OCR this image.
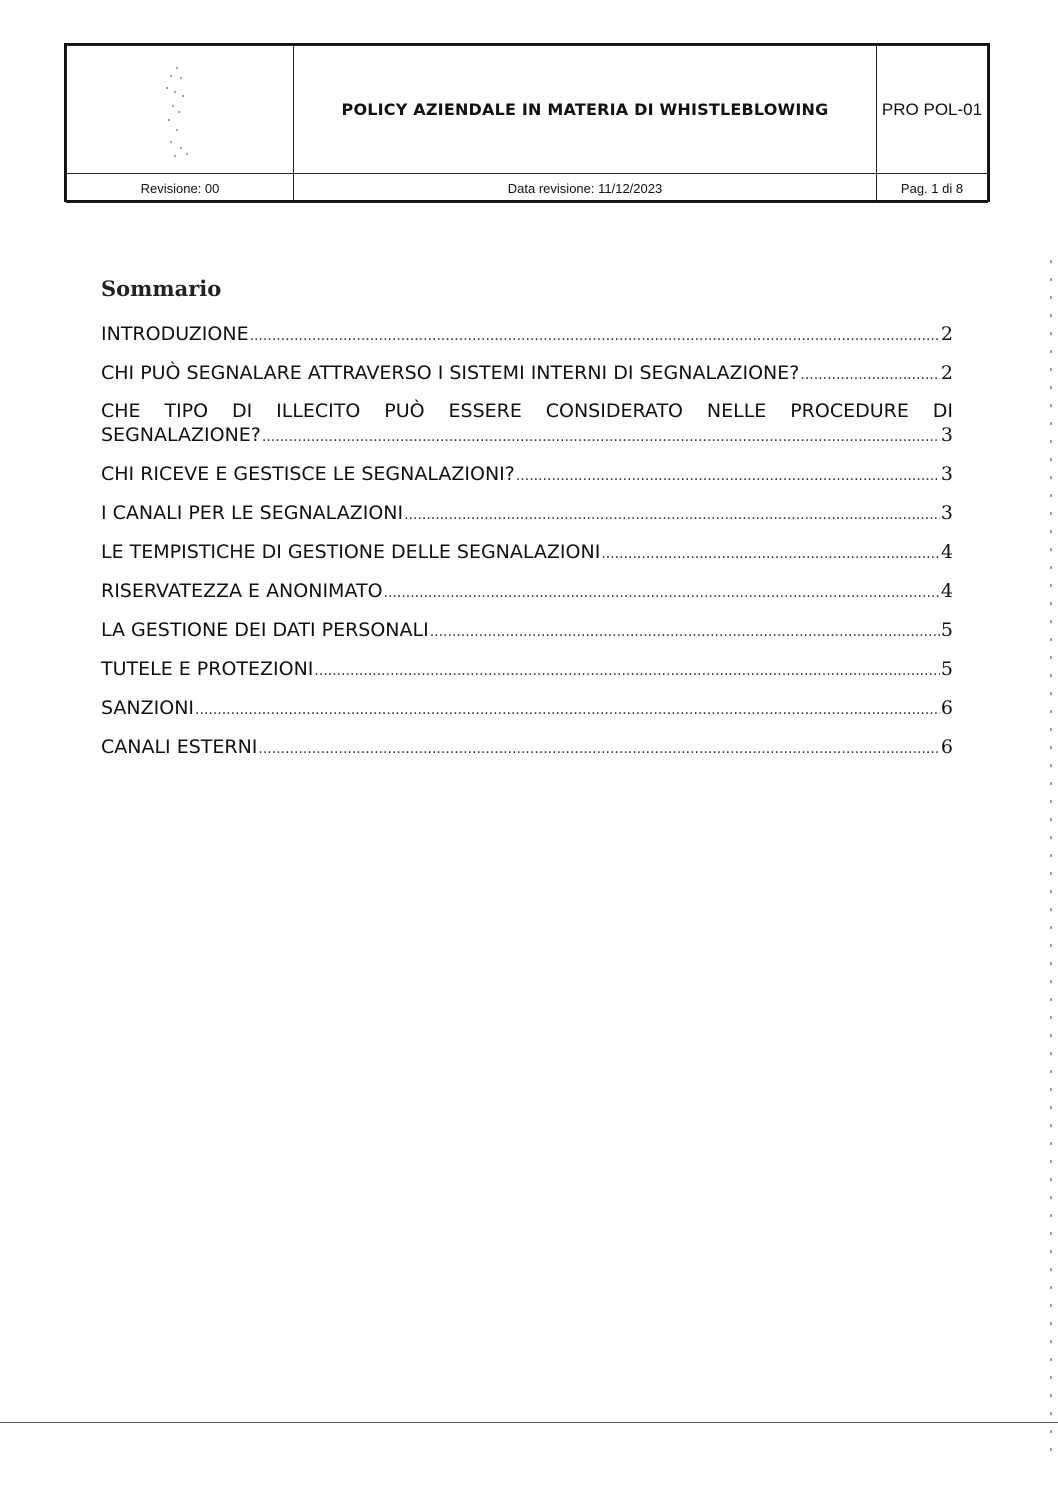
	POLICY AZIENDALE IN MATERIA DI WHISTLEBLOWING	PRO POL-01
Revisione: 00	Data revisione: 11/12/2023	Pag. 1 di 8
Sommario
INTRODUZIONE .....	2
CHI PUÒ SEGNALARE ATTRAVERSO I SISTEMI INTERNI DI SEGNALAZIONE? .....	2
CHE TIPO DI ILLECITO PUÒ ESSERE CONSIDERATO NELLE PROCEDURE DI
SEGNALAZIONE? .....	3
CHI RICEVE E GESTISCE LE SEGNALAZIONI? .....	3
I CANALI PER LE SEGNALAZIONI .....	3
LE TEMPISTICHE DI GESTIONE DELLE SEGNALAZIONI .....	4
RISERVATEZZA E ANONIMATO .....	4
LA GESTIONE DEI DATI PERSONALI .....	5
TUTELE E PROTEZIONI .....	5
SANZIONI .....	6
CANALI ESTERNI .....	6
